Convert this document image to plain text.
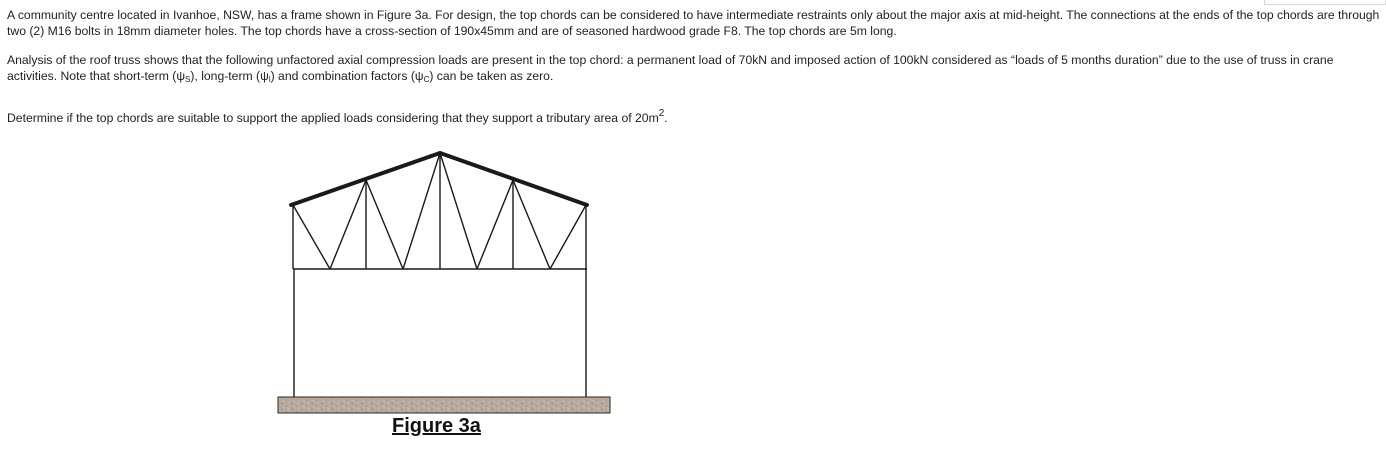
A community centre located in Ivanhoe, NSW, has a frame shown in Figure 3a. For design, the top chords can be considered to have intermediate restraints only about the major axis at mid-height. The connections at the ends of the top chords are through two (2) M16 bolts in 18mm diameter holes. The top chords have a cross-section of 190x45mm and are of seasoned hardwood grade F8. The top chords are 5m long.

Analysis of the roof truss shows that the following unfactored axial compression loads are present in the top chord: a permanent load of 70kN and imposed action of 100kN considered as “loads of 5 months duration” due to the use of truss in crane activities. Note that short-term $(\psi_S)$, long-term $(\psi_l)$ and combination factors $(\psi_C)$ can be taken as zero.

Determine if the top chords are suitable to support the applied loads considering that they support a tributary area of $20m^2$.

Figure 3a
